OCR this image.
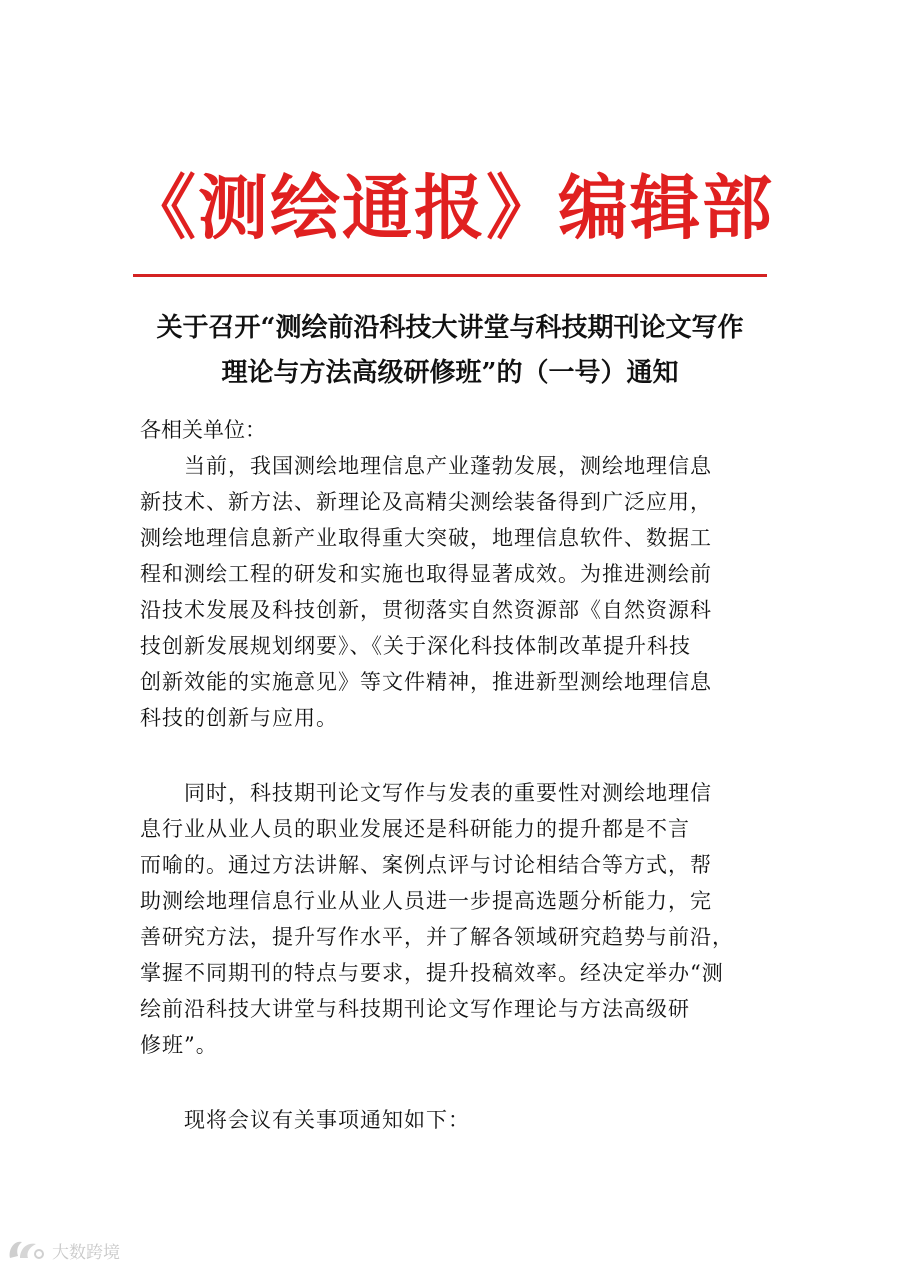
《测绘通报》编辑部
关于召开“测绘前沿科技大讲堂与科技期刊论文写作
理论与方法高级研修班”的（一号）通知
各相关单位：
当前，我国测绘地理信息产业蓬勃发展，测绘地理信息
新技术、新方法、新理论及高精尖测绘装备得到广泛应用，
测绘地理信息新产业取得重大突破，地理信息软件、数据工
程和测绘工程的研发和实施也取得显著成效。为推进测绘前
沿技术发展及科技创新，贯彻落实自然资源部《自然资源科
技创新发展规划纲要》、《关于深化科技体制改革提升科技
创新效能的实施意见》等文件精神，推进新型测绘地理信息
科技的创新与应用。
同时，科技期刊论文写作与发表的重要性对测绘地理信
息行业从业人员的职业发展还是科研能力的提升都是不言
而喻的。通过方法讲解、案例点评与讨论相结合等方式，帮
助测绘地理信息行业从业人员进一步提高选题分析能力，完
善研究方法，提升写作水平，并了解各领域研究趋势与前沿，
掌握不同期刊的特点与要求，提升投稿效率。经决定举办“测
绘前沿科技大讲堂与科技期刊论文写作理论与方法高级研
修班”。
现将会议有关事项通知如下：
大数跨境
